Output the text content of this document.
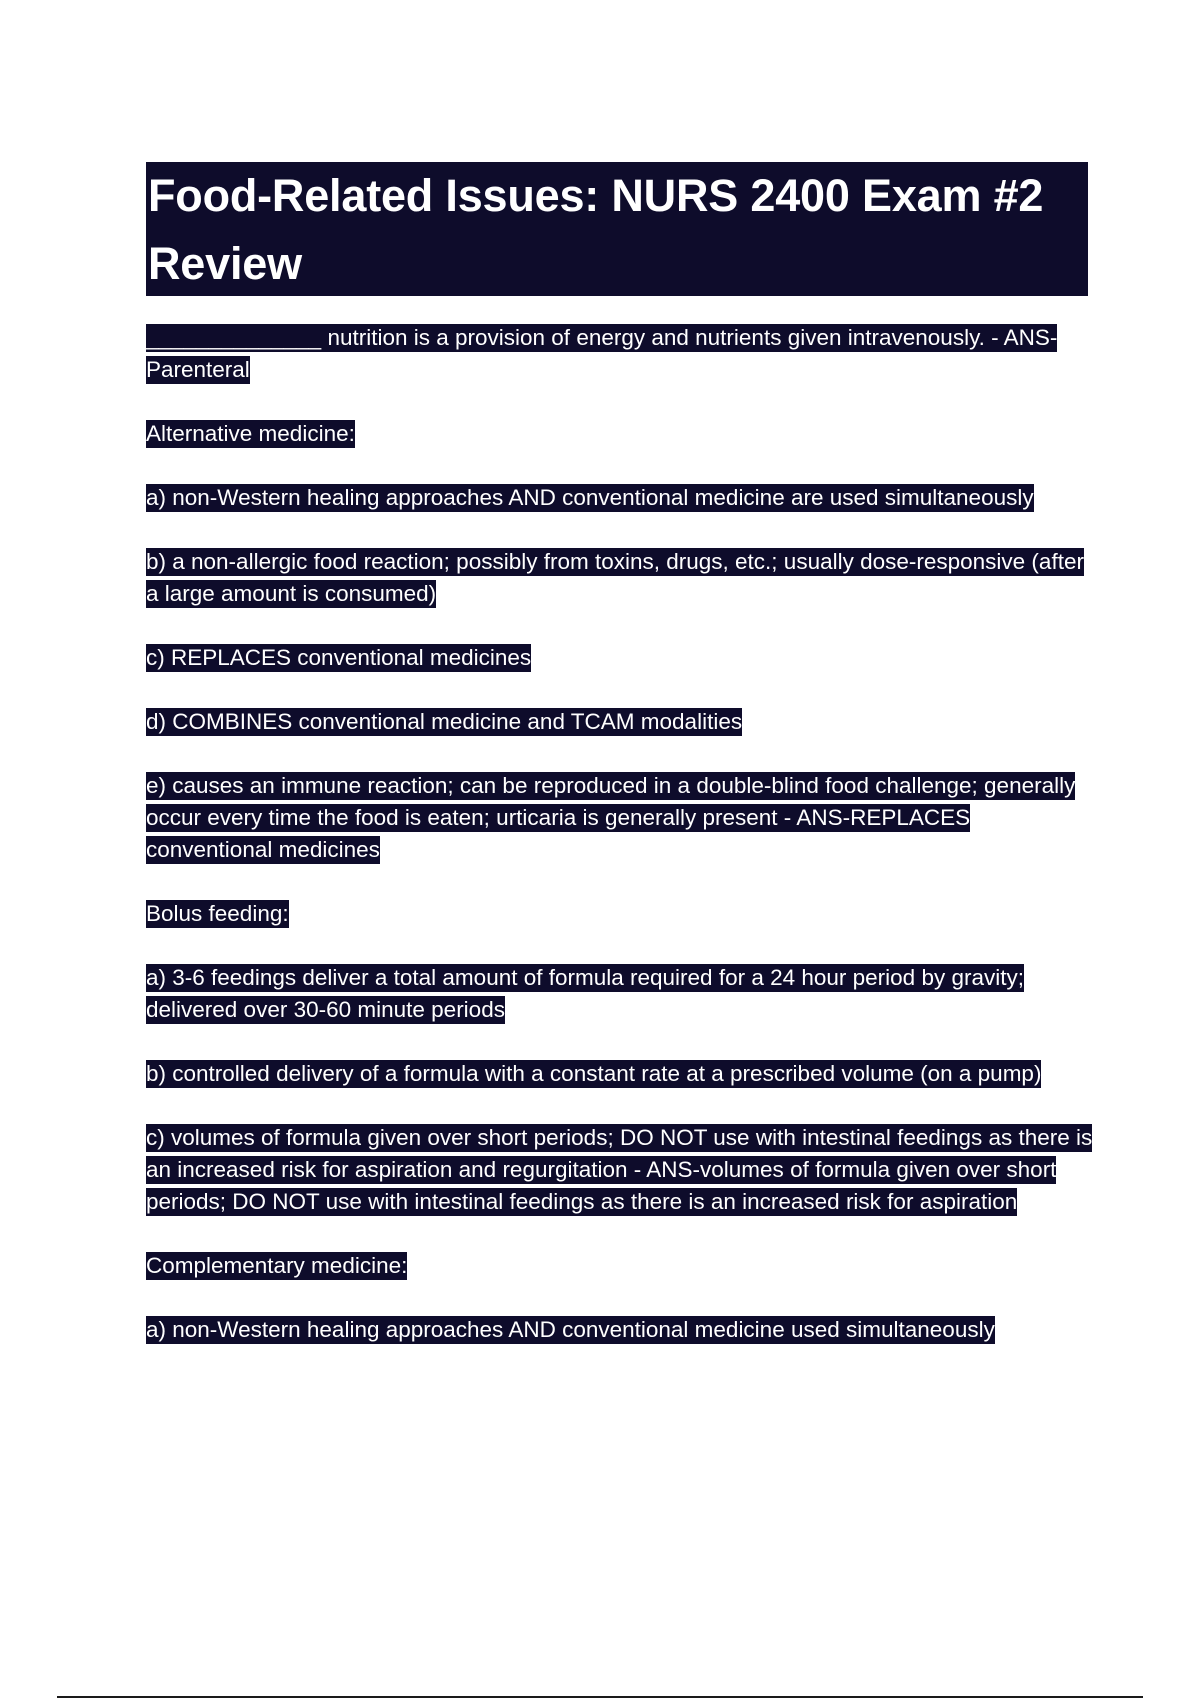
Food-Related Issues: NURS 2400 Exam #2 Review

______________ nutrition is a provision of energy and nutrients given intravenously. - ANS-Parenteral

Alternative medicine:

a) non-Western healing approaches AND conventional medicine are used simultaneously

b) a non-allergic food reaction; possibly from toxins, drugs, etc.; usually dose-responsive (after a large amount is consumed)

c) REPLACES conventional medicines

d) COMBINES conventional medicine and TCAM modalities

e) causes an immune reaction; can be reproduced in a double-blind food challenge; generally occur every time the food is eaten; urticaria is generally present - ANS-REPLACES conventional medicines

Bolus feeding:

a) 3-6 feedings deliver a total amount of formula required for a 24 hour period by gravity; delivered over 30-60 minute periods

b) controlled delivery of a formula with a constant rate at a prescribed volume (on a pump)

c) volumes of formula given over short periods; DO NOT use with intestinal feedings as there is an increased risk for aspiration and regurgitation - ANS-volumes of formula given over short periods; DO NOT use with intestinal feedings as there is an increased risk for aspiration

Complementary medicine:

a) non-Western healing approaches AND conventional medicine used simultaneously
